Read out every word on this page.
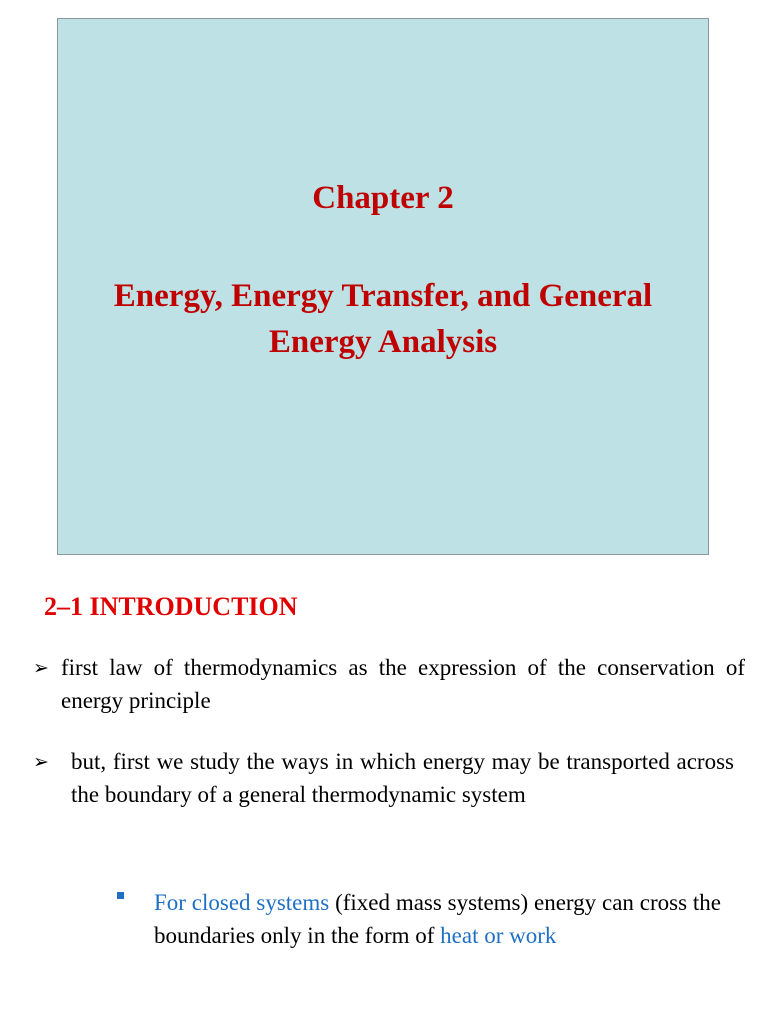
Chapter 2
Energy, Energy Transfer, and General
Energy Analysis
2–1 INTRODUCTION
➢ first law of thermodynamics as the expression of the conservation of energy principle
➢ but, first we study the ways in which energy may be transported across the boundary of a general thermodynamic system
For closed systems (fixed mass systems) energy can cross the boundaries only in the form of heat or work
